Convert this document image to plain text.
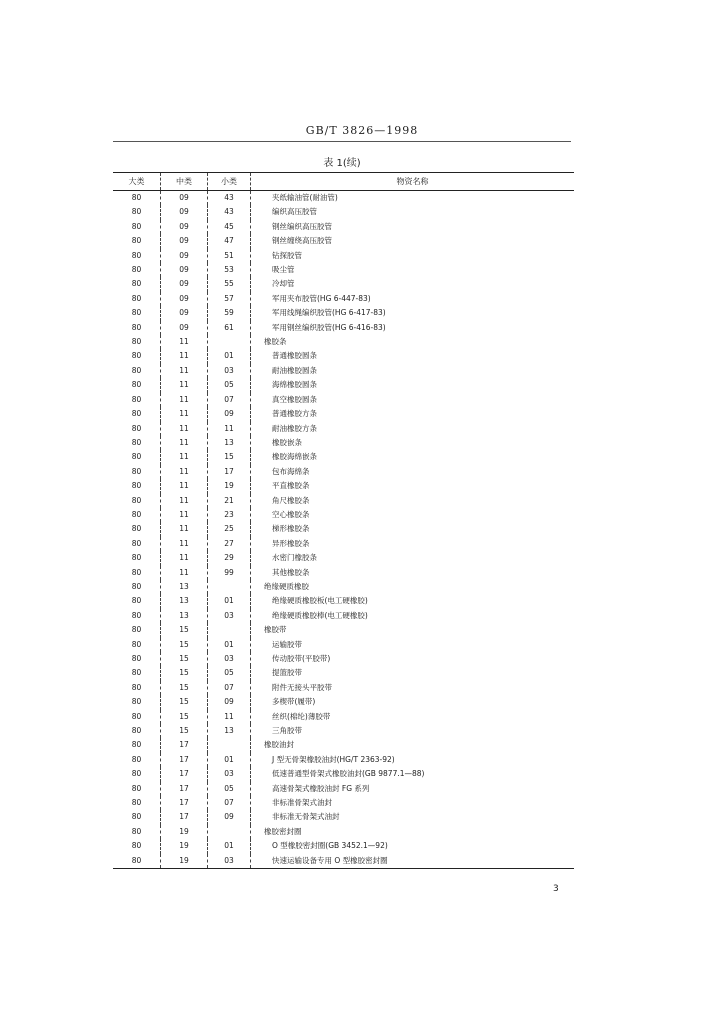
GB/T 3826—1998
表 1(续)
大类	中类	小类	物资名称
80	09	43	夹纸输油管(耐油管)
80	09	43	编织高压胶管
80	09	45	钢丝编织高压胶管
80	09	47	钢丝缠绕高压胶管
80	09	51	钻探胶管
80	09	53	吸尘管
80	09	55	冷却管
80	09	57	军用夹布胶管(HG 6-447-83)
80	09	59	军用线绳编织胶管(HG 6-417-83)
80	09	61	军用钢丝编织胶管(HG 6-416-83)
80	11		橡胶条
80	11	01	普通橡胶圆条
80	11	03	耐油橡胶圆条
80	11	05	海绵橡胶圆条
80	11	07	真空橡胶圆条
80	11	09	普通橡胶方条
80	11	11	耐油橡胶方条
80	11	13	橡胶嵌条
80	11	15	橡胶海绵嵌条
80	11	17	包布海绵条
80	11	19	平直橡胶条
80	11	21	角尺橡胶条
80	11	23	空心橡胶条
80	11	25	梯形橡胶条
80	11	27	异形橡胶条
80	11	29	水密门橡胶条
80	11	99	其他橡胶条
80	13		绝缘硬质橡胶
80	13	01	绝缘硬质橡胶板(电工硬橡胶)
80	13	03	绝缘硬质橡胶棒(电工硬橡胶)
80	15		橡胶带
80	15	01	运输胶带
80	15	03	传动胶带(平胶带)
80	15	05	提篮胶带
80	15	07	附件无接头平胶带
80	15	09	多楔带(履带)
80	15	11	丝织(棉纶)薄胶带
80	15	13	三角胶带
80	17		橡胶油封
80	17	01	J 型无骨架橡胶油封(HG/T 2363-92)
80	17	03	低速普通型骨架式橡胶油封(GB 9877.1—88)
80	17	05	高速骨架式橡胶油封 FG 系列
80	17	07	非标准骨架式油封
80	17	09	非标准无骨架式油封
80	19		橡胶密封圈
80	19	01	O 型橡胶密封圈(GB 3452.1—92)
80	19	03	快速运输设备专用 O 型橡胶密封圈
3
